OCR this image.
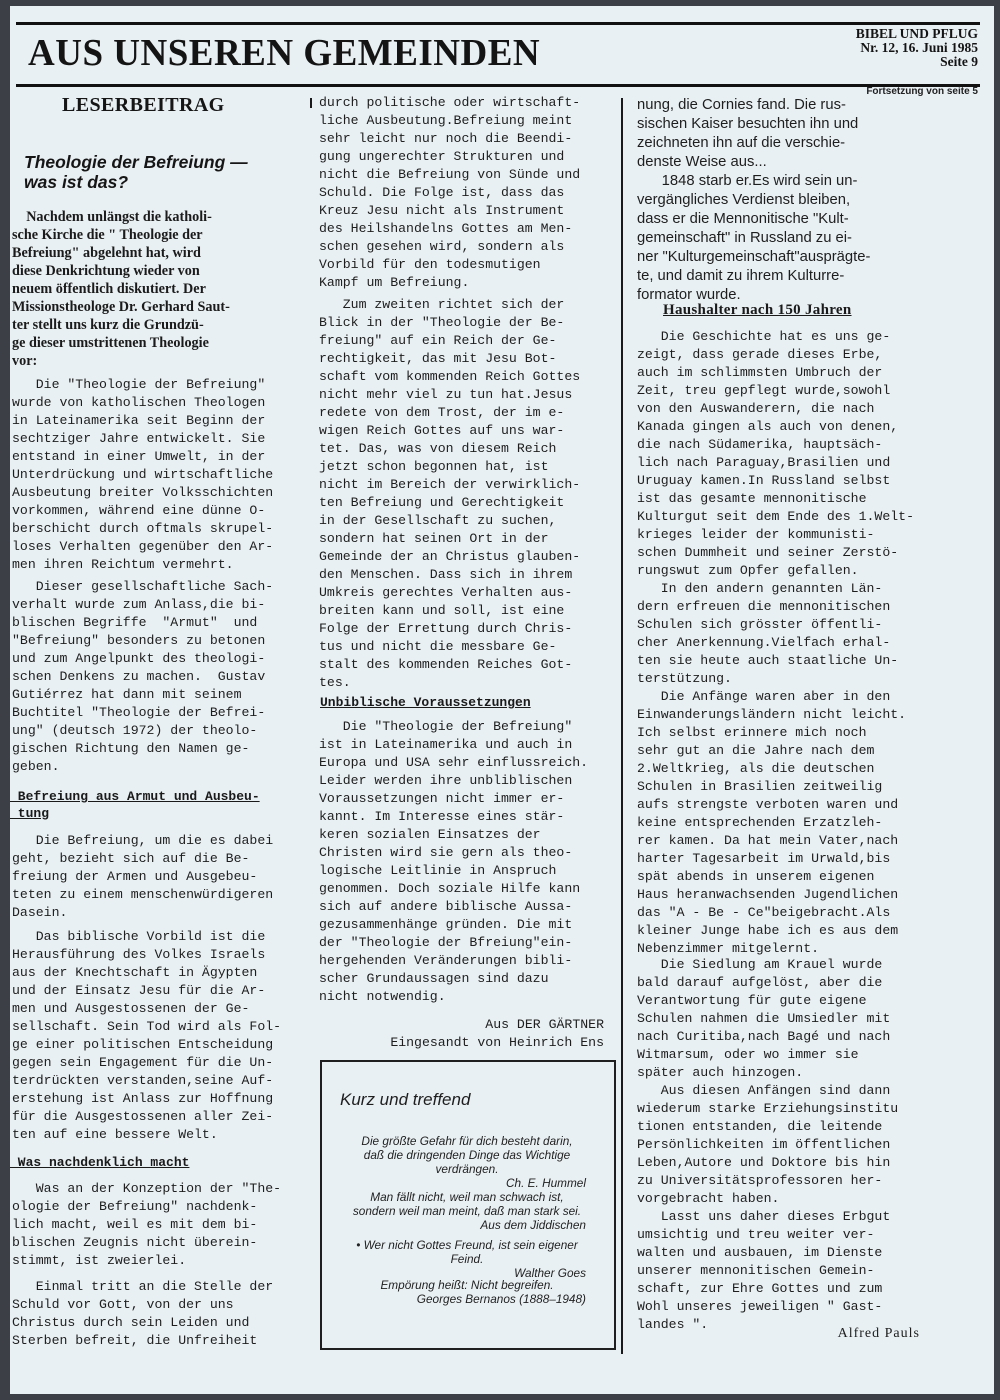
AUS UNSEREN GEMEINDEN	BIBEL UND PFLUG
Nr. 12, 16. Juni 1985
Seite 9
Fortsetzung von seite 5
LESERBEITRAG
Theologie der Befreiung —
was ist das?
Nachdem unlängst die katholi-
sche Kirche die " Theologie der
Befreiung" abgelehnt hat, wird
diese Denkrichtung wieder von
neuem öffentlich diskutiert. Der
Missionstheologe Dr. Gerhard Saut-
ter stellt uns kurz die Grundzü-
ge dieser umstrittenen Theologie
vor:

Die "Theologie der Befreiung"
wurde von katholischen Theologen
in Lateinamerika seit Beginn der
sechtziger Jahre entwickelt. Sie
entstand in einer Umwelt, in der
Unterdrückung und wirtschaftliche
Ausbeutung breiter Volksschichten
vorkommen, während eine dünne O-
berschicht durch oftmals skrupel-
loses Verhalten gegenüber den Ar-
men ihren Reichtum vermehrt.

Dieser gesellschaftliche Sach-
verhalt wurde zum Anlass,die bi-
blischen Begriffe  "Armut"  und
"Befreiung" besonders zu betonen
und zum Angelpunkt des theologi-
schen Denkens zu machen.  Gustav
Gutiérrez hat dann mit seinem
Buchtitel "Theologie der Befrei-
ung" (deutsch 1972) der theolo-
gischen Richtung den Namen ge-
geben.

Befreiung aus Armut und Ausbeu-
tung

Die Befreiung, um die es dabei
geht, bezieht sich auf die Be-
freiung der Armen und Ausgebeu-
teten zu einem menschenwürdigeren
Dasein.

Das biblische Vorbild ist die
Herausführung des Volkes Israels
aus der Knechtschaft in Ägypten
und der Einsatz Jesu für die Ar-
men und Ausgestossenen der Ge-
sellschaft. Sein Tod wird als Fol-
ge einer politischen Entscheidung
gegen sein Engagement für die Un-
terdrückten verstanden,seine Auf-
erstehung ist Anlass zur Hoffnung
für die Ausgestossenen aller Zei-
ten auf eine bessere Welt.

Was nachdenklich macht

Was an der Konzeption der "The-
ologie der Befreiung" nachdenk-
lich macht, weil es mit dem bi-
blischen Zeugnis nicht überein-
stimmt, ist zweierlei.

Einmal tritt an die Stelle der
Schuld vor Gott, von der uns
Christus durch sein Leiden und
Sterben befreit, die Unfreiheit

durch politische oder wirtschaft-
liche Ausbeutung.Befreiung meint
sehr leicht nur noch die Beendi-
gung ungerechter Strukturen und
nicht die Befreiung von Sünde und
Schuld. Die Folge ist, dass das
Kreuz Jesu nicht als Instrument
des Heilshandelns Gottes am Men-
schen gesehen wird, sondern als
Vorbild für den todesmutigen
Kampf um Befreiung.

Zum zweiten richtet sich der
Blick in der "Theologie der Be-
freiung" auf ein Reich der Ge-
rechtigkeit, das mit Jesu Bot-
schaft vom kommenden Reich Gottes
nicht mehr viel zu tun hat.Jesus
redete von dem Trost, der im e-
wigen Reich Gottes auf uns war-
tet. Das, was von diesem Reich
jetzt schon begonnen hat, ist
nicht im Bereich der verwirklich-
ten Befreiung und Gerechtigkeit
in der Gesellschaft zu suchen,
sondern hat seinen Ort in der
Gemeinde der an Christus glauben-
den Menschen. Dass sich in ihrem
Umkreis gerechtes Verhalten aus-
breiten kann und soll, ist eine
Folge der Errettung durch Chris-
tus und nicht die messbare Ge-
stalt des kommenden Reiches Got-
tes.

Unbiblische Voraussetzungen

Die "Theologie der Befreiung"
ist in Lateinamerika und auch in
Europa und USA sehr einflussreich.
Leider werden ihre unbliblischen
Voraussetzungen nicht immer er-
kannt. Im Interesse eines stär-
keren sozialen Einsatzes der
Christen wird sie gern als theo-
logische Leitlinie in Anspruch
genommen. Doch soziale Hilfe kann
sich auf andere biblische Aussa-
gezusammenhänge gründen. Die mit
der "Theologie der Bfreiung"ein-
hergehenden Veränderungen bibli-
scher Grundaussagen sind dazu
nicht notwendig.

Aus DER GÄRTNER
Eingesandt von Heinrich Ens
Kurz und treffend
Die größte Gefahr für dich besteht darin,
daß die dringenden Dinge das Wichtige
verdrängen.
Ch. E. Hummel
Man fällt nicht, weil man schwach ist,
sondern weil man meint, daß man stark sei.
Aus dem Jiddischen
• Wer nicht Gottes Freund, ist sein eigener
Feind.
Walther Goes
Empörung heißt: Nicht begreifen.
Georges Bernanos (1888–1948)

nung, die Cornies fand. Die rus-
sischen Kaiser besuchten ihn und
zeichneten ihn auf die verschie-
denste Weise aus...
1848 starb er.Es wird sein un-
vergängliches Verdienst bleiben,
dass er die Mennonitische "Kult-
gemeinschaft" in Russland zu ei-
ner "Kulturgemeinschaft"ausprägte-
te, und damit zu ihrem Kulturre-
formator wurde.

Haushalter nach 150 Jahren

Die Geschichte hat es uns ge-
zeigt, dass gerade dieses Erbe,
auch im schlimmsten Umbruch der
Zeit, treu gepflegt wurde,sowohl
von den Auswanderern, die nach
Kanada gingen als auch von denen,
die nach Südamerika, hauptsäch-
lich nach Paraguay,Brasilien und
Uruguay kamen.In Russland selbst
ist das gesamte mennonitische
Kulturgut seit dem Ende des 1.Welt-
krieges leider der kommunisti-
schen Dummheit und seiner Zerstö-
rungswut zum Opfer gefallen.

In den andern genannten Län-
dern erfreuen die mennonitischen
Schulen sich grösster öffentli-
cher Anerkennung.Vielfach erhal-
ten sie heute auch staatliche Un-
terstützung.

Die Anfänge waren aber in den
Einwanderungsländern nicht leicht.
Ich selbst erinnere mich noch
sehr gut an die Jahre nach dem
2.Weltkrieg, als die deutschen
Schulen in Brasilien zeitweilig
aufs strengste verboten waren und
keine entsprechenden Erzatzleh-
rer kamen. Da hat mein Vater,nach
harter Tagesarbeit im Urwald,bis
spät abends in unserem eigenen
Haus heranwachsenden Jugendlichen
das "A - Be - Ce"beigebracht.Als
kleiner Junge habe ich es aus dem
Nebenzimmer mitgelernt.

Die Siedlung am Krauel wurde
bald darauf aufgelöst, aber die
Verantwortung für gute eigene
Schulen nahmen die Umsiedler mit
nach Curitiba,nach Bagé und nach
Witmarsum, oder wo immer sie
später auch hinzogen.

Aus diesen Anfängen sind dann
wiederum starke Erziehungsinstitu
tionen entstanden, die leitende
Persönlichkeiten im öffentlichen
Leben,Autore und Doktore bis hin
zu Universitätsprofessoren her-
vorgebracht haben.

Lasst uns daher dieses Erbgut
umsichtig und treu weiter ver-
walten und ausbauen, im Dienste
unserer mennonitischen Gemein-
schaft, zur Ehre Gottes und zum
Wohl unseres jeweiligen " Gast-
landes ".

Alfred Pauls
